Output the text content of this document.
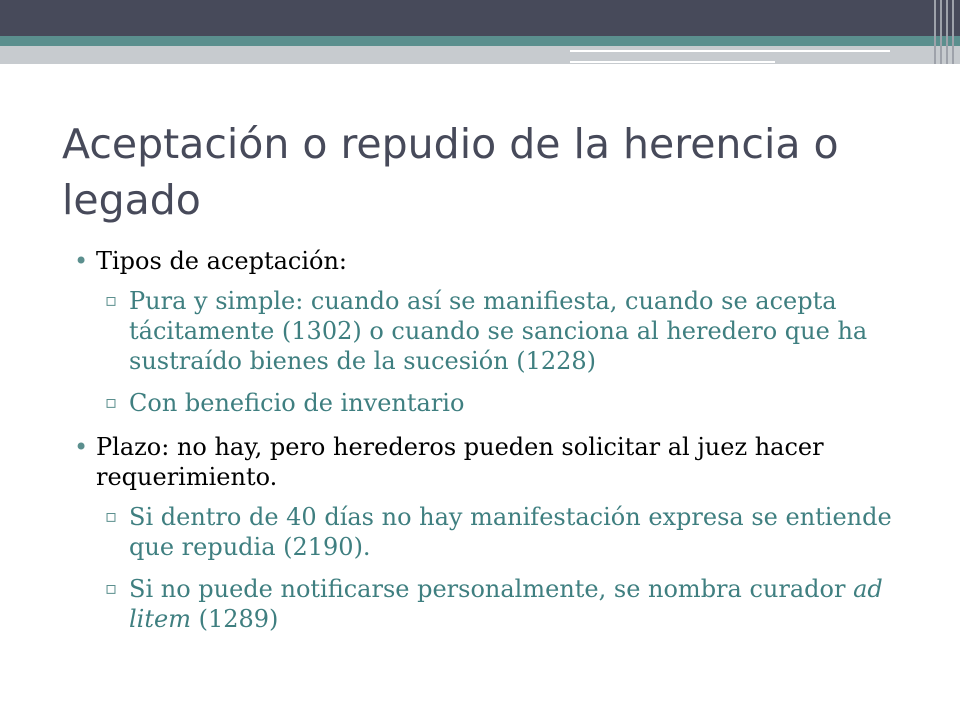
Aceptación o repudio de la herencia o legado
• Tipos de aceptación:
▫ Pura y simple: cuando así se manifiesta, cuando se acepta tácitamente (1302) o cuando se sanciona al heredero que ha sustraído bienes de la sucesión (1228)
▫ Con beneficio de inventario
• Plazo: no hay, pero herederos pueden solicitar al juez hacer requerimiento.
▫ Si dentro de 40 días no hay manifestación expresa se entiende que repudia (2190).
▫ Si no puede notificarse personalmente, se nombra curador ad litem (1289)
